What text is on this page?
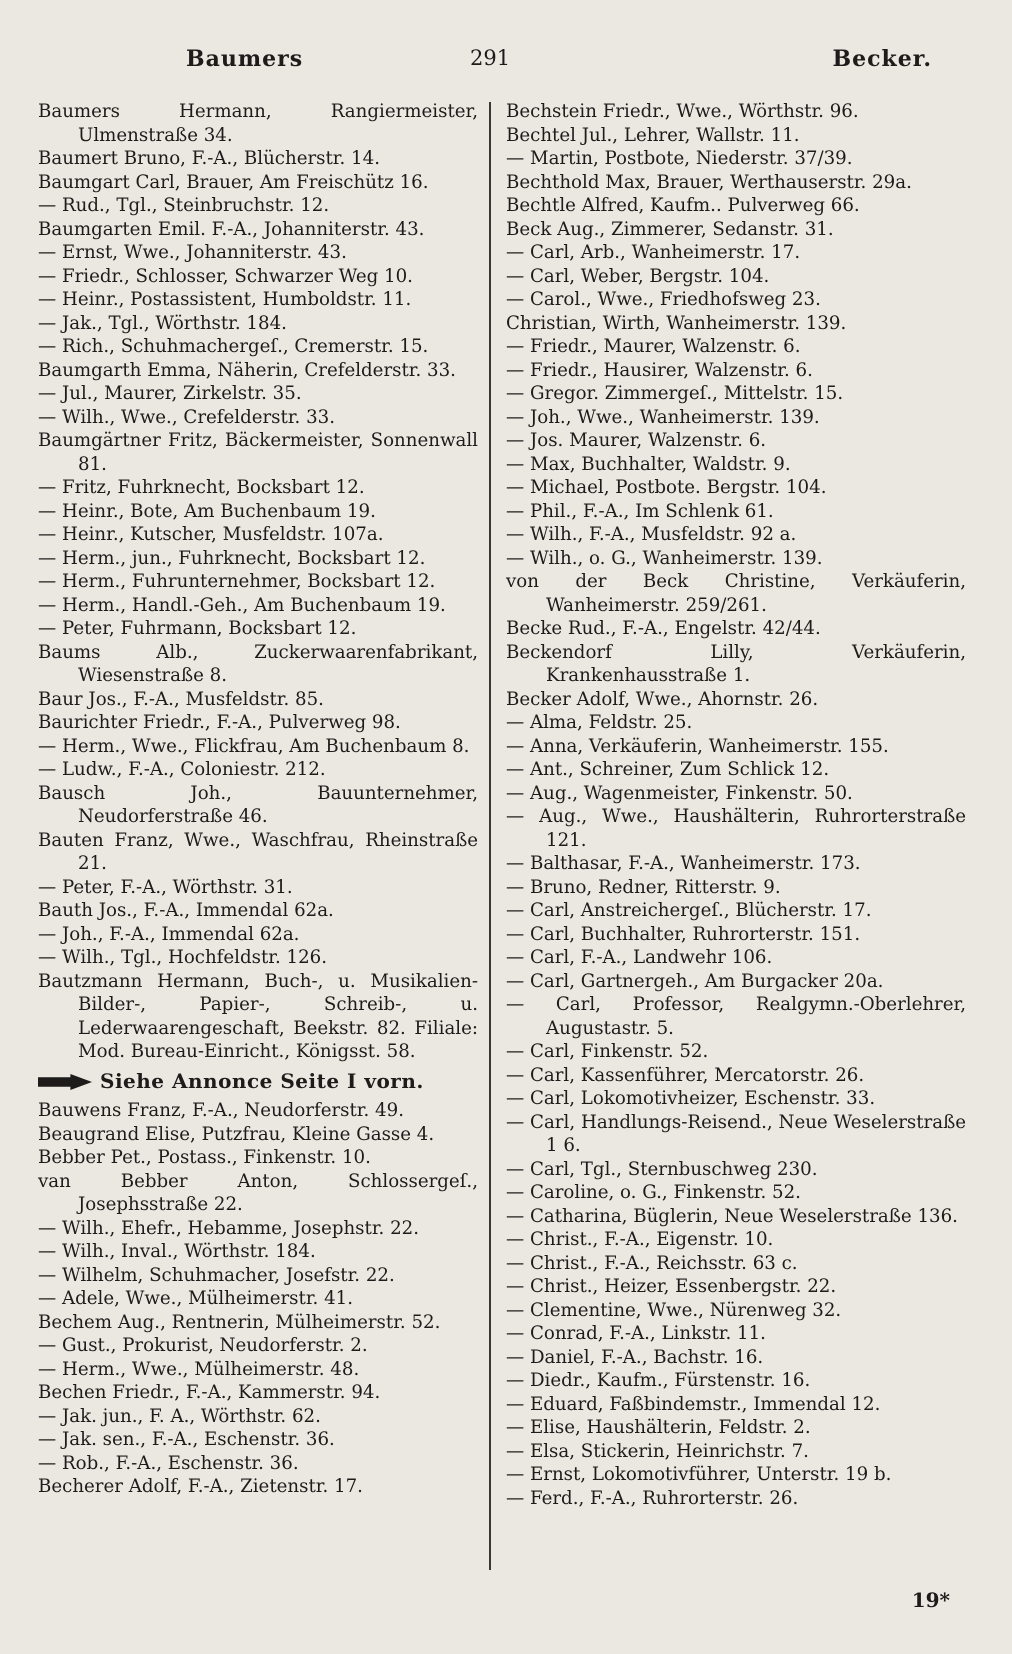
Baumers	291	Becker.

Baumers Hermann, Rangiermeister, Ulmenstraße 34.

Baumert Bruno, F.-A., Blücherstr. 14.

Baumgart Carl, Brauer, Am Freischütz 16.

— Rud., Tgl., Steinbruchstr. 12.

Baumgarten Emil. F.-A., Johanniterstr. 43.

— Ernst, Wwe., Johanniterstr. 43.

— Friedr., Schlosser, Schwarzer Weg 10.

— Heinr., Postassistent, Humboldstr. 11.

— Jak., Tgl., Wörthstr. 184.

— Rich., Schuhmachergeſ., Cremerstr. 15.

Baumgarth Emma, Näherin, Crefelderstr. 33.

— Jul., Maurer, Zirkelstr. 35.

— Wilh., Wwe., Crefelderstr. 33.

Baumgärtner Fritz, Bäckermeister, Sonnenwall 81.

— Fritz, Fuhrknecht, Bocksbart 12.

— Heinr., Bote, Am Buchenbaum 19.

— Heinr., Kutscher, Musfeldstr. 107a.

— Herm., jun., Fuhrknecht, Bocksbart 12.

— Herm., Fuhrunternehmer, Bocksbart 12.

— Herm., Handl.-Geh., Am Buchenbaum 19.

— Peter, Fuhrmann, Bocksbart 12.

Baums Alb., Zuckerwaarenfabrikant, Wiesenstraße 8.

Baur Jos., F.-A., Musfeldstr. 85.

Baurichter Friedr., F.-A., Pulverweg 98.

— Herm., Wwe., Flickfrau, Am Buchenbaum 8.

— Ludw., F.-A., Coloniestr. 212.

Bausch Joh., Bauunternehmer, Neudorferstraße 46.

Bauten Franz, Wwe., Waschfrau, Rheinstraße 21.

— Peter, F.-A., Wörthstr. 31.

Bauth Jos., F.-A., Immendal 62a.

— Joh., F.-A., Immendal 62a.

— Wilh., Tgl., Hochfeldstr. 126.

Bautzmann Hermann, Buch-, u. Musikalien-Bilder-, Papier-, Schreib-, u. Lederwaarengeschaft, Beekstr. 82. Filiale: Mod. Bureau-Einricht., Königsst. 58.

Siehe Annonce Seite I vorn.

Bauwens Franz, F.-A., Neudorferstr. 49.

Beaugrand Elise, Putzfrau, Kleine Gasse 4.

Bebber Pet., Postass., Finkenstr. 10.

van Bebber Anton, Schlossergeſ., Josephsstraße 22.

— Wilh., Ehefr., Hebamme, Josephstr. 22.

— Wilh., Inval., Wörthstr. 184.

— Wilhelm, Schuhmacher, Josefstr. 22.

— Adele, Wwe., Mülheimerstr. 41.

Bechem Aug., Rentnerin, Mülheimerstr. 52.

— Gust., Prokurist, Neudorferstr. 2.

— Herm., Wwe., Mülheimerstr. 48.

Bechen Friedr., F.-A., Kammerstr. 94.

— Jak. jun., F. A., Wörthstr. 62.

— Jak. sen., F.-A., Eschenstr. 36.

— Rob., F.-A., Eschenstr. 36.

Becherer Adolf, F.-A., Zietenstr. 17.

Bechstein Friedr., Wwe., Wörthstr. 96.

Bechtel Jul., Lehrer, Wallstr. 11.

— Martin, Postbote, Niederstr. 37/39.

Bechthold Max, Brauer, Werthauserstr. 29a.

Bechtle Alfred, Kaufm.. Pulverweg 66.

Beck Aug., Zimmerer, Sedanstr. 31.

— Carl, Arb., Wanheimerstr. 17.

— Carl, Weber, Bergstr. 104.

— Carol., Wwe., Friedhofsweg 23.

Christian, Wirth, Wanheimerstr. 139.

— Friedr., Maurer, Walzenstr. 6.

— Friedr., Hausirer, Walzenstr. 6.

— Gregor. Zimmergeſ., Mittelstr. 15.

— Joh., Wwe., Wanheimerstr. 139.

— Jos. Maurer, Walzenstr. 6.

— Max, Buchhalter, Waldstr. 9.

— Michael, Postbote. Bergstr. 104.

— Phil., F.-A., Im Schlenk 61.

— Wilh., F.-A., Musfeldstr. 92 a.

— Wilh., o. G., Wanheimerstr. 139.

von der Beck Christine, Verkäuferin, Wanheimerstr. 259/261.

Becke Rud., F.-A., Engelstr. 42/44.

Beckendorf Lilly, Verkäuferin, Krankenhausstraße 1.

Becker Adolf, Wwe., Ahornstr. 26.

— Alma, Feldstr. 25.

— Anna, Verkäuferin, Wanheimerstr. 155.

— Ant., Schreiner, Zum Schlick 12.

— Aug., Wagenmeister, Finkenstr. 50.

— Aug., Wwe., Haushälterin, Ruhrorterstraße 121.

— Balthasar, F.-A., Wanheimerstr. 173.

— Bruno, Redner, Ritterstr. 9.

— Carl, Anstreichergeſ., Blücherstr. 17.

— Carl, Buchhalter, Ruhrorterstr. 151.

— Carl, F.-A., Landwehr 106.

— Carl, Gartnergeh., Am Burgacker 20a.

— Carl, Professor, Realgymn.-Oberlehrer, Augustastr. 5.

— Carl, Finkenstr. 52.

— Carl, Kassenführer, Mercatorstr. 26.

— Carl, Lokomotivheizer, Eschenstr. 33.

— Carl, Handlungs-Reisend., Neue Weselerstraße 1 6.

— Carl, Tgl., Sternbuschweg 230.

— Caroline, o. G., Finkenstr. 52.

— Catharina, Büglerin, Neue Weselerstraße 136.

— Christ., F.-A., Eigenstr. 10.

— Christ., F.-A., Reichsstr. 63 c.

— Christ., Heizer, Essenbergstr. 22.

— Clementine, Wwe., Nürenweg 32.

— Conrad, F.-A., Linkstr. 11.

— Daniel, F.-A., Bachstr. 16.

— Diedr., Kaufm., Fürstenstr. 16.

— Eduard, Faßbindemstr., Immendal 12.

— Elise, Haushälterin, Feldstr. 2.

— Elsa, Stickerin, Heinrichstr. 7.

— Ernst, Lokomotivführer, Unterstr. 19 b.

— Ferd., F.-A., Ruhrorterstr. 26.

19*
